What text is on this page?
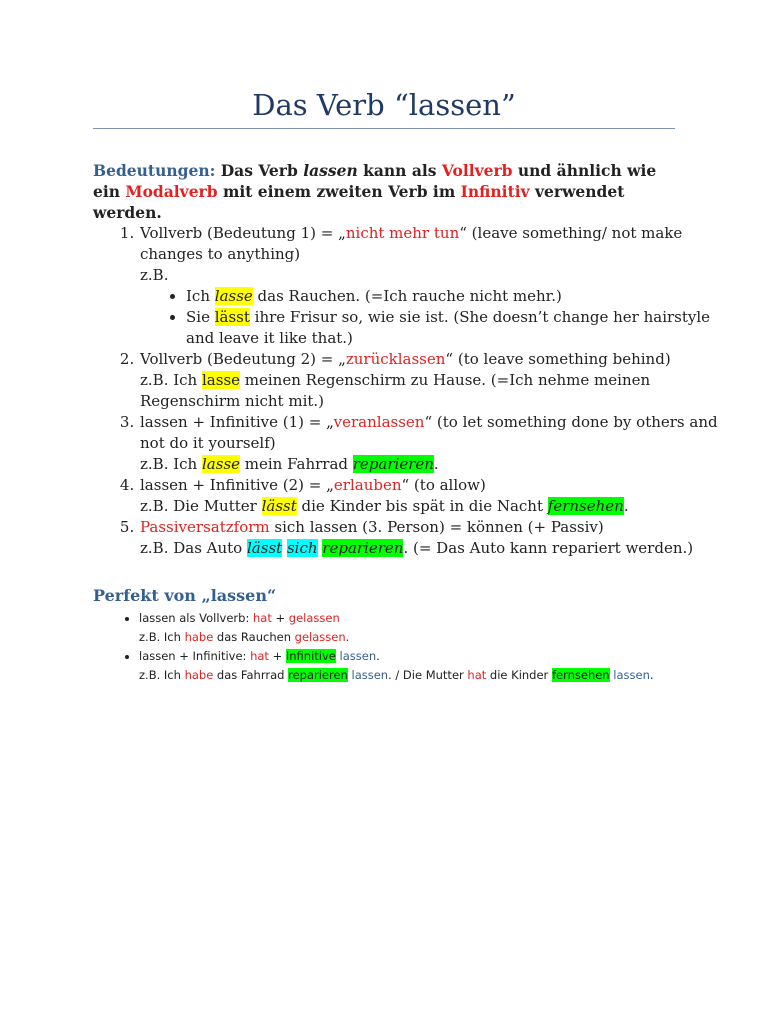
Das Verb “lassen”

Bedeutungen: Das Verb lassen kann als Vollverb und ähnlich wie ein Modalverb mit einem zweiten Verb im Infinitiv verwendet werden.

1. Vollverb (Bedeutung 1) = „nicht mehr tun“ (leave something/ not make changes to anything)
z.B.
• Ich lasse das Rauchen. (=Ich rauche nicht mehr.)
• Sie lässt ihre Frisur so, wie sie ist. (She doesn’t change her hairstyle and leave it like that.)
2. Vollverb (Bedeutung 2) = „zurücklassen“ (to leave something behind)
z.B. Ich lasse meinen Regenschirm zu Hause. (=Ich nehme meinen Regenschirm nicht mit.)
3. lassen + Infinitive (1) = „veranlassen“ (to let something done by others and not do it yourself)
z.B. Ich lasse mein Fahrrad reparieren.
4. lassen + Infinitive (2) = „erlauben“ (to allow)
z.B. Die Mutter lässt die Kinder bis spät in die Nacht fernsehen.
5. Passiversatzform sich lassen (3. Person) = können (+ Passiv)
z.B. Das Auto lässt sich reparieren. (= Das Auto kann repariert werden.)
Perfekt von „lassen“
• lassen als Vollverb: hat + gelassen
z.B. Ich habe das Rauchen gelassen.
• lassen + Infinitive: hat + Infinitive lassen.
z.B. Ich habe das Fahrrad reparieren lassen. / Die Mutter hat die Kinder fernsehen lassen.
